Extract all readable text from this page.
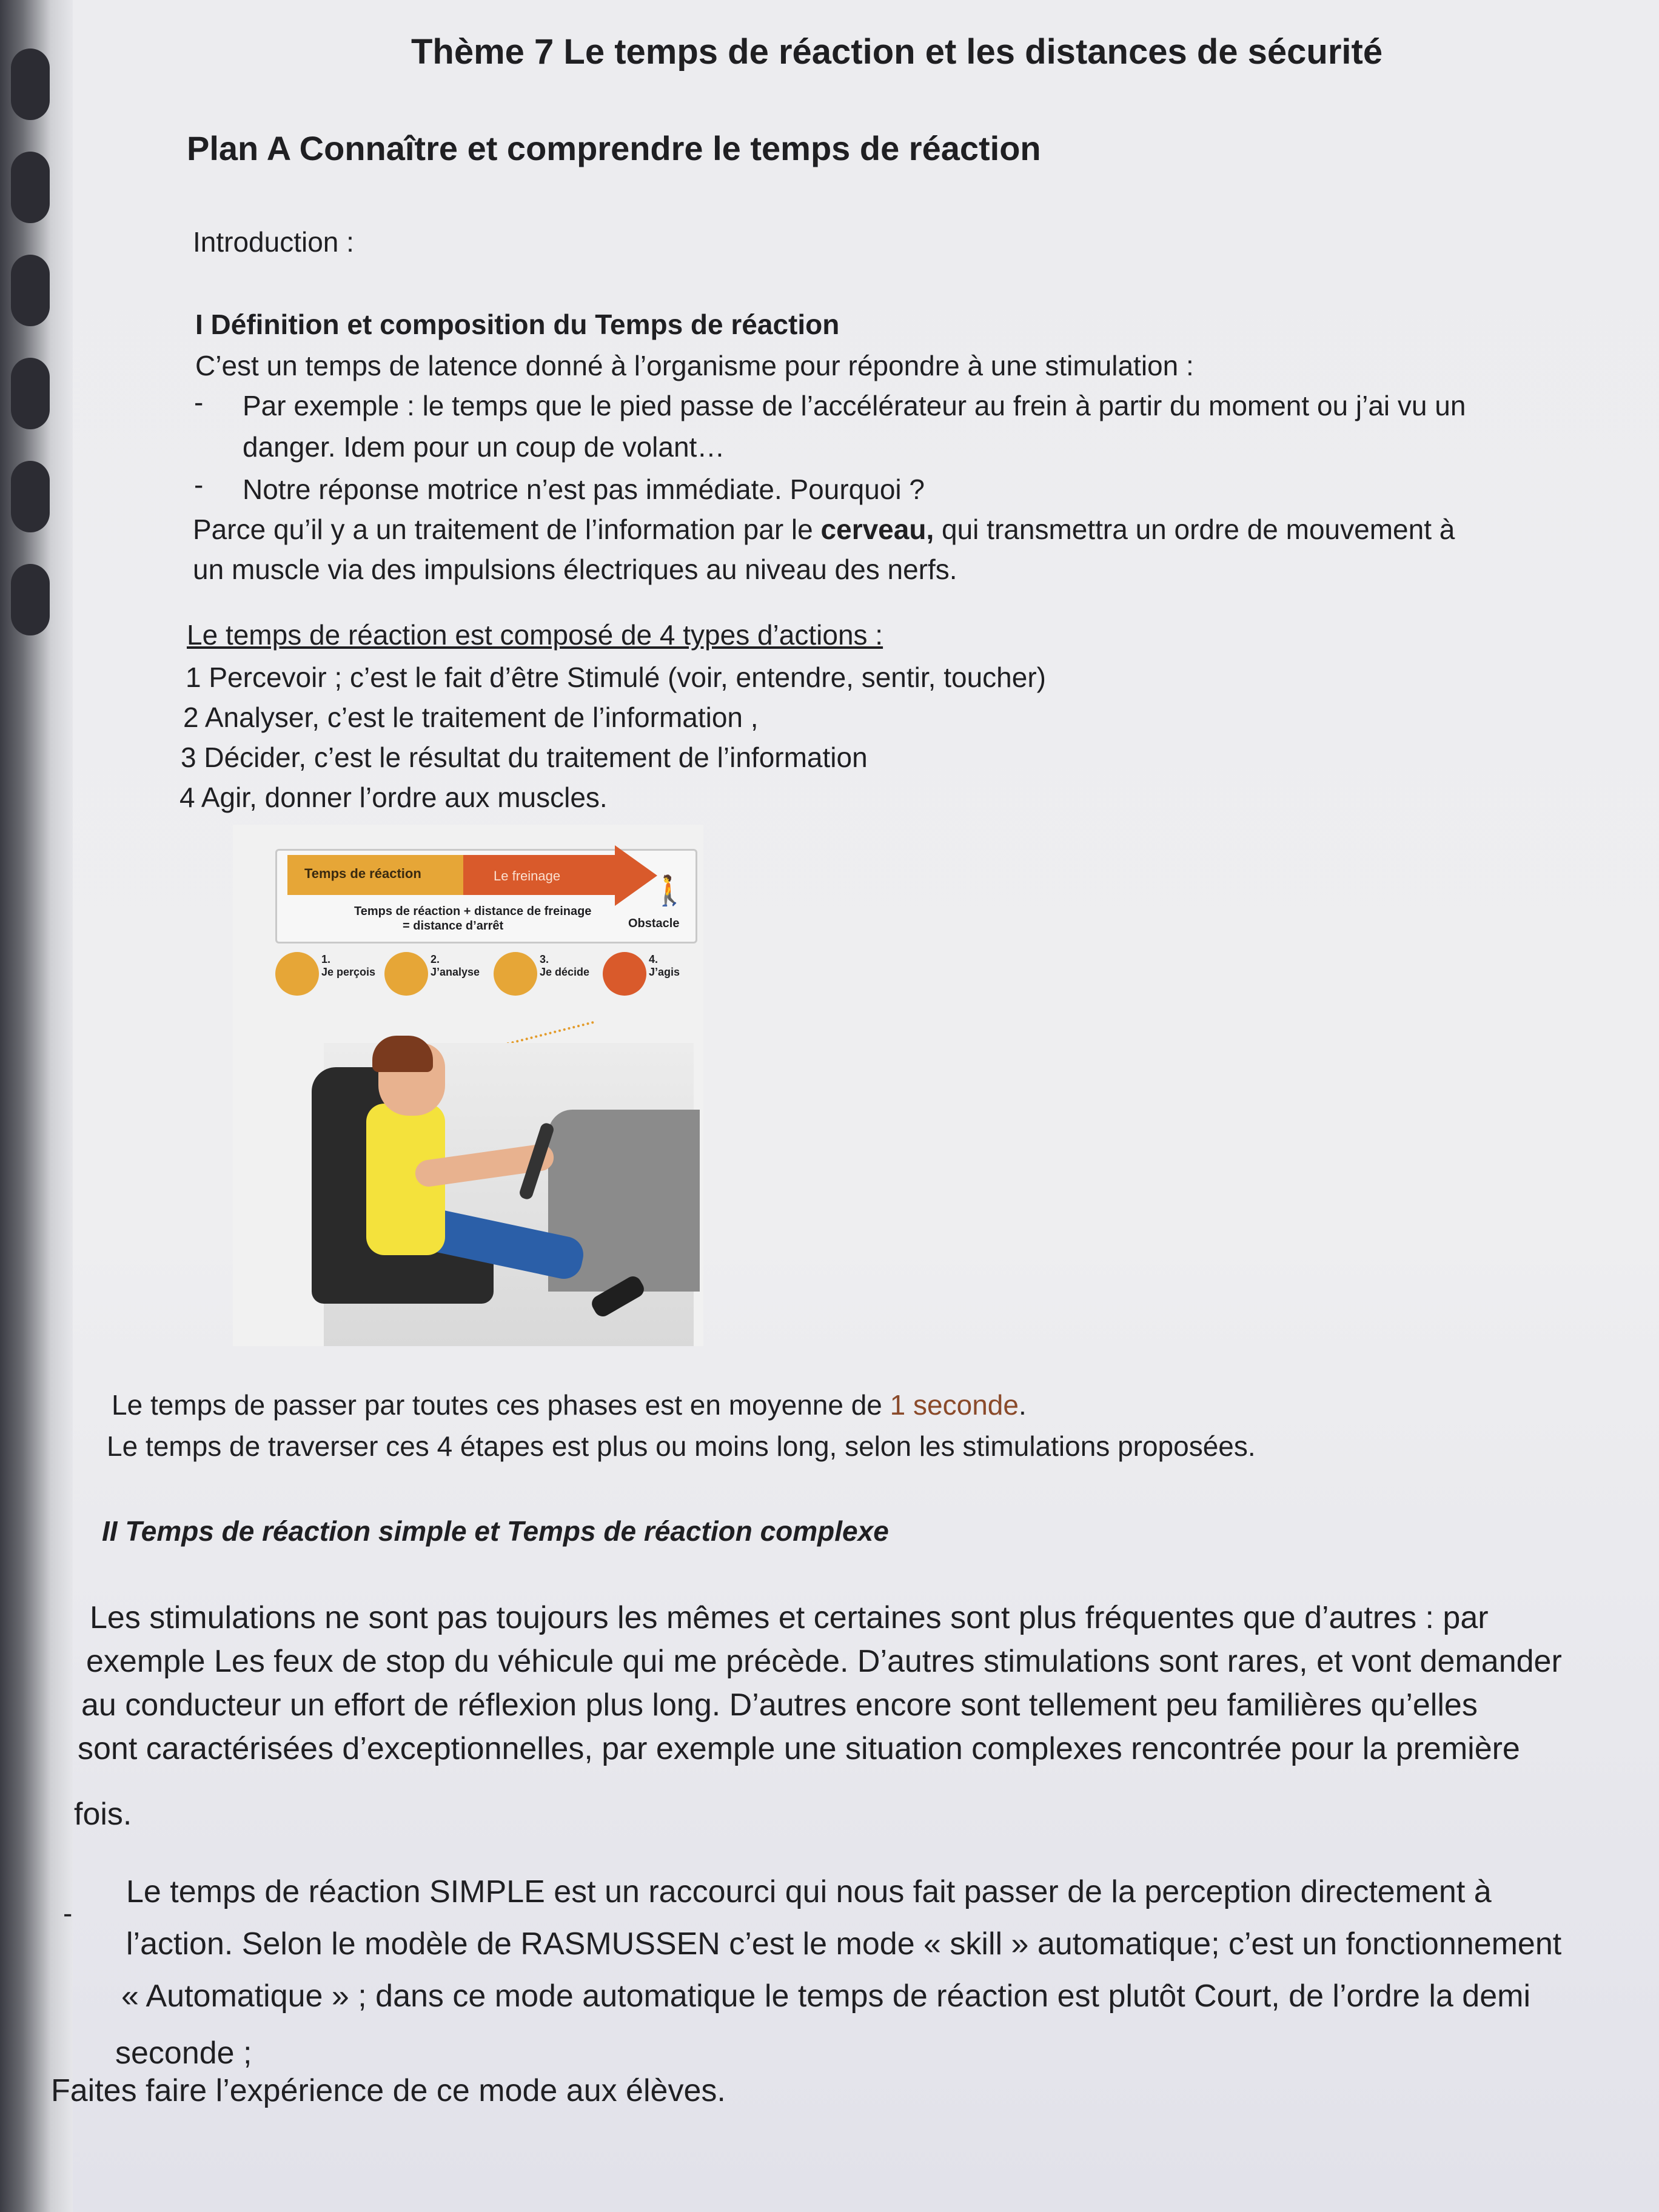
Thème 7 Le temps de réaction et les distances de sécurité
Plan A Connaître et comprendre le temps de réaction
Introduction :
I Définition et composition du Temps de réaction
C’est un temps de latence donné à l’organisme pour répondre à une stimulation :
- Par exemple : le temps que le pied passe de l’accélérateur au frein à partir du moment ou j’ai vu un
danger. Idem pour un coup de volant…
- Notre réponse motrice n’est pas immédiate. Pourquoi ?
Parce qu’il y a un traitement de l’information par le cerveau, qui transmettra un ordre de mouvement à
un muscle via des impulsions électriques au niveau des nerfs.
Le temps de réaction est composé de 4 types d’actions :
1 Percevoir ; c’est le fait d’être Stimulé (voir, entendre, sentir, toucher)
2 Analyser, c’est le traitement de l’information ,
3 Décider, c’est le résultat du traitement de l’information
4 Agir, donner l’ordre aux muscles.
Temps de réaction	Le freinage
Temps de réaction + distance de freinage
= distance d’arrêt
🚶
Obstacle
1.
Je perçois
2.
J’analyse
3.
Je décide
4.
J’agis
Le temps de passer par toutes ces phases est en moyenne de 1 seconde.
Le temps de traverser ces 4 étapes est plus ou moins long, selon les stimulations proposées.
II Temps de réaction simple et Temps de réaction complexe
Les stimulations ne sont pas toujours les mêmes et certaines sont plus fréquentes que d’autres : par
exemple Les feux de stop du véhicule qui me précède. D’autres stimulations sont rares, et vont demander
au conducteur un effort de réflexion plus long. D’autres encore sont tellement peu familières qu’elles
sont caractérisées d’exceptionnelles, par exemple une situation complexes rencontrée pour la première
fois.
-
Le temps de réaction SIMPLE est un raccourci qui nous fait passer de la perception directement à
l’action. Selon le modèle de RASMUSSEN c’est le mode « skill » automatique; c’est un fonctionnement
« Automatique » ; dans ce mode automatique le temps de réaction est plutôt Court, de l’ordre la demi
seconde ;
Faites faire l’expérience de ce mode aux élèves.
